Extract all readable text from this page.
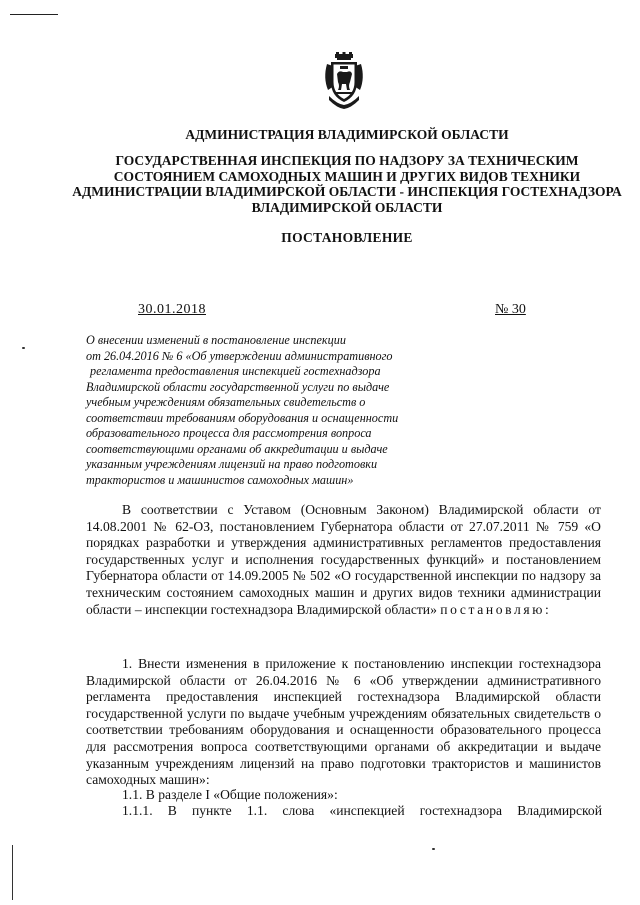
АДМИНИСТРАЦИЯ ВЛАДИМИРСКОЙ ОБЛАСТИ
ГОСУДАРСТВЕННАЯ ИНСПЕКЦИЯ ПО НАДЗОРУ ЗА ТЕХНИЧЕСКИМ
СОСТОЯНИЕМ САМОХОДНЫХ МАШИН И ДРУГИХ ВИДОВ ТЕХНИКИ
АДМИНИСТРАЦИИ ВЛАДИМИРСКОЙ ОБЛАСТИ - ИНСПЕКЦИЯ ГОСТЕХНАДЗОРА
ВЛАДИМИРСКОЙ ОБЛАСТИ
ПОСТАНОВЛЕНИЕ
30.01.2018	№ 30
О внесении изменений в постановление инспекции
от 26.04.2016 № 6 «Об утверждении административного
регламента предоставления инспекцией гостехнадзора
Владимирской области государственной услуги по выдаче
учебным учреждениям обязательных свидетельств о
соответствии требованиям оборудования и оснащенности
образовательного процесса для рассмотрения вопроса
соответствующими органами об аккредитации и выдаче
указанным учреждениям лицензий на право подготовки
трактористов и машинистов самоходных машин»
В соответствии с Уставом (Основным Законом) Владимирской области от 14.08.2001 № 62-ОЗ, постановлением Губернатора области от 27.07.2011 № 759 «О порядках разработки и утверждения административных регламентов предоставления государственных услуг и исполнения государственных функций» и постановлением Губернатора области от 14.09.2005 № 502 «О государственной инспекции по надзору за техническим состоянием самоходных машин и других видов техники администрации области – инспекции гостехнадзора Владимирской области» постановляю:
1. Внести изменения в приложение к постановлению инспекции гостехнадзора Владимирской области от 26.04.2016 № 6 «Об утверждении административного регламента предоставления инспекцией гостехнадзора Владимирской области государственной услуги по выдаче учебным учреждениям обязательных свидетельств о соответствии требованиям оборудования и оснащенности образовательного процесса для рассмотрения вопроса соответствующими органами об аккредитации и выдаче указанным учреждениям лицензий на право подготовки трактористов и машинистов самоходных машин»:
1.1. В разделе I «Общие положения»:
1.1.1. В пункте 1.1. слова «инспекцией гостехнадзора Владимирской
